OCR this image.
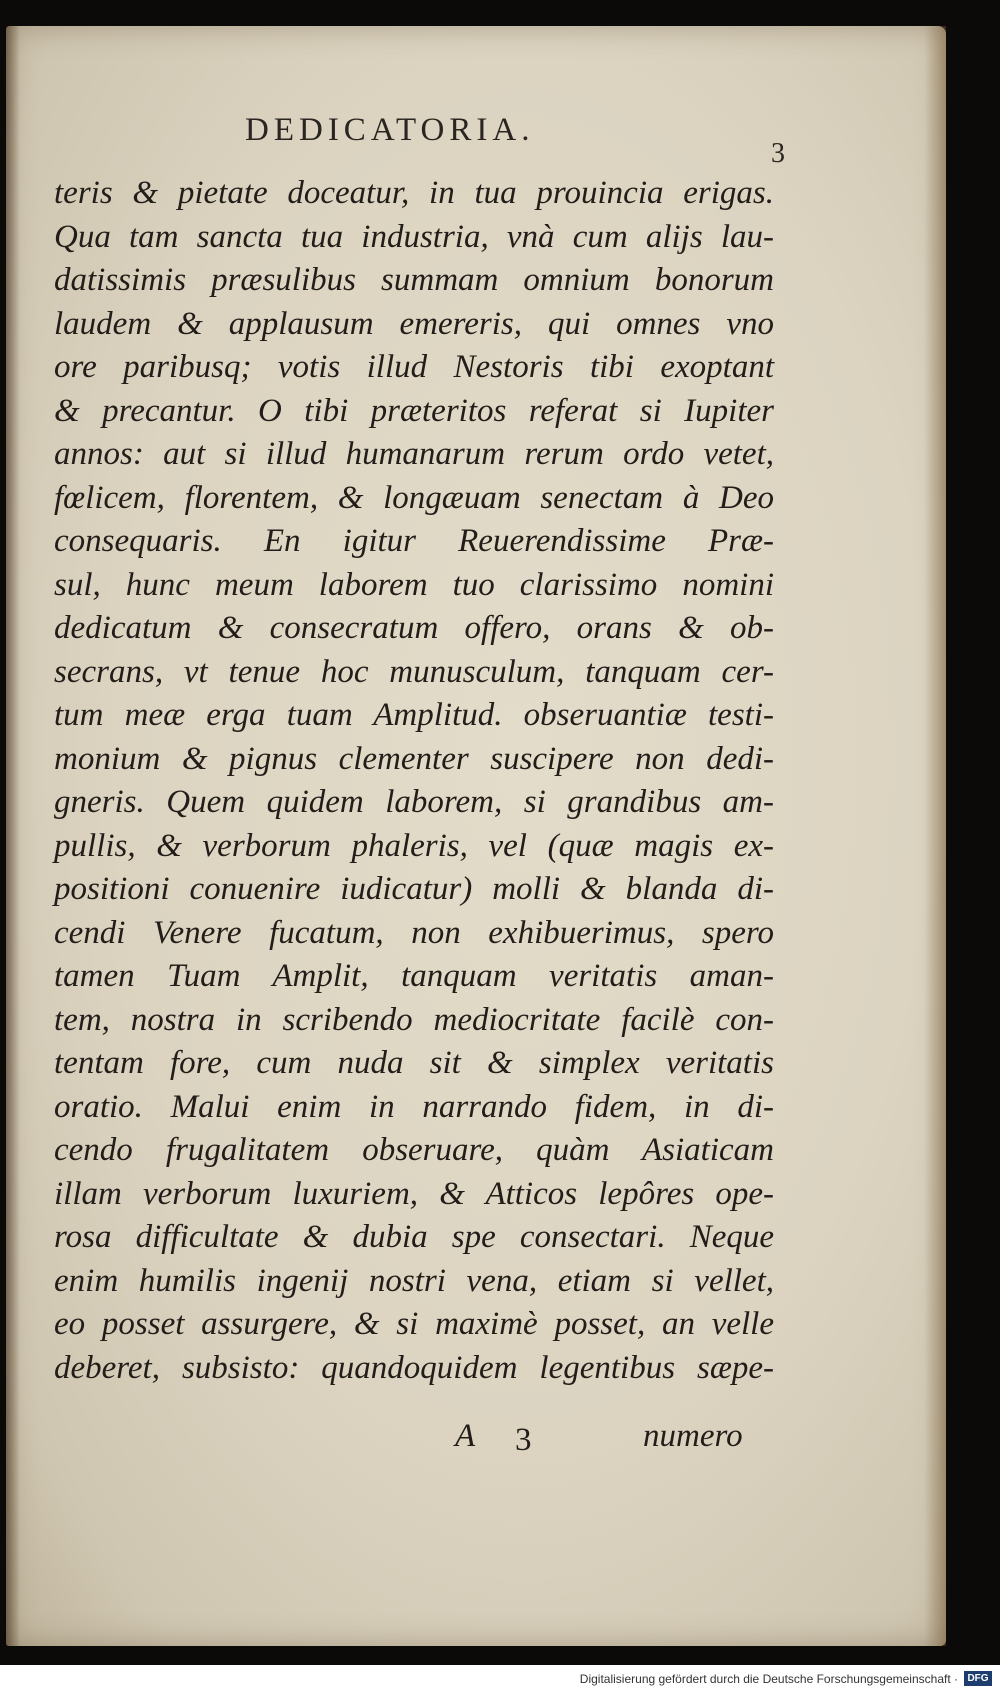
DEDICATORIA.
3
teris & pietate doceatur, in tua prouincia erigas.
Qua tam sancta tua industria, vnà cum alijs lau-
datissimis præsulibus summam omnium bonorum
laudem & applausum emereris, qui omnes vno
ore paribusq; votis illud Nestoris tibi exoptant
& precantur. O tibi præteritos referat si Iupiter
annos: aut si illud humanarum rerum ordo vetet,
fœlicem, florentem, & longæuam senectam à Deo
consequaris. En igitur Reuerendissime Præ-
sul, hunc meum laborem tuo clarissimo nomini
dedicatum & consecratum offero, orans & ob-
secrans, vt tenue hoc munusculum, tanquam cer-
tum meæ erga tuam Amplitud. obseruantiæ testi-
monium & pignus clementer suscipere non dedi-
gneris. Quem quidem laborem, si grandibus am-
pullis, & verborum phaleris, vel (quæ magis ex-
positioni conuenire iudicatur) molli & blanda di-
cendi Venere fucatum, non exhibuerimus, spero
tamen Tuam Amplit, tanquam veritatis aman-
tem, nostra in scribendo mediocritate facilè con-
tentam fore, cum nuda sit & simplex veritatis
oratio. Malui enim in narrando fidem, in di-
cendo frugalitatem obseruare, quàm Asiaticam
illam verborum luxuriem, & Atticos lepôres ope-
rosa difficultate & dubia spe consectari. Neque
enim humilis ingenij nostri vena, etiam si vellet,
eo posset assurgere, & si maximè posset, an velle
deberet, subsisto: quandoquidem legentibus sæpe-
A 3	numero
Digitalisierung gefördert durch die Deutsche Forschungsgemeinschaft · DFG
